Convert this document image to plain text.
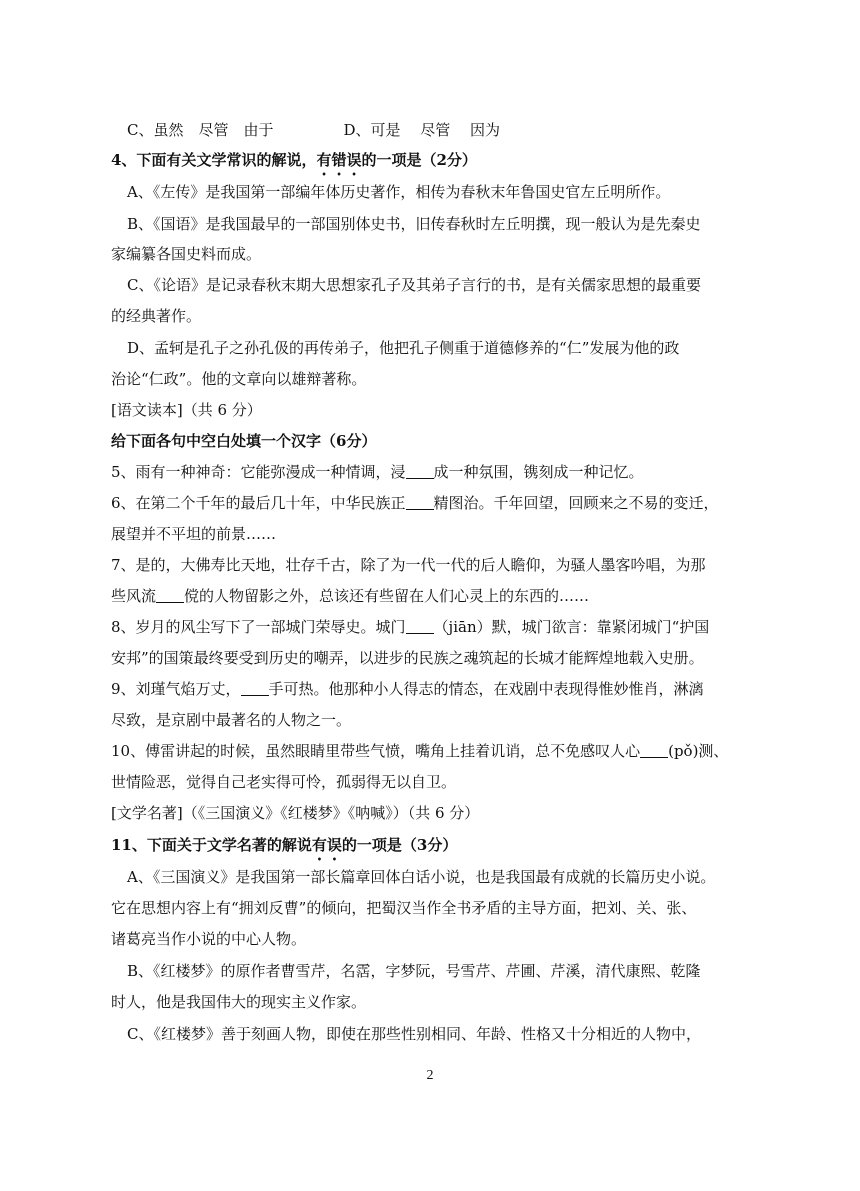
C、虽然　尽管　由于	D、可是　 尽管　 因为

4、下面有关文学常识的解说，有错误的一项是（2分）

A、《左传》是我国第一部编年体历史著作，相传为春秋末年鲁国史官左丘明所作。

B、《国语》是我国最早的一部国别体史书，旧传春秋时左丘明撰，现一般认为是先秦史

家编纂各国史料而成。

C、《论语》是记录春秋末期大思想家孔子及其弟子言行的书，是有关儒家思想的最重要

的经典著作。

D、孟轲是孔子之孙孔伋的再传弟子，他把孔子侧重于道德修养的“仁”发展为他的政

治论“仁政”。他的文章向以雄辩著称。

[语文读本]（共 6 分）

给下面各句中空白处填一个汉字（6分）

5、雨有一种神奇：它能弥漫成一种情调，浸 成一种氛围，镌刻成一种记忆。

6、在第二个千年的最后几十年，中华民族正 精图治。千年回望，回顾来之不易的变迁，

展望并不平坦的前景……

7、是的，大佛寿比天地，壮存千古，除了为一代一代的后人瞻仰，为骚人墨客吟唱，为那

些风流 傥的人物留影之外，总该还有些留在人们心灵上的东西的……

8、岁月的风尘写下了一部城门荣辱史。城门 （jiān）默，城门欲言：靠紧闭城门“护国

安邦”的国策最终要受到历史的嘲弄，以进步的民族之魂筑起的长城才能辉煌地载入史册。

9、刘瑾气焰万丈， 手可热。他那种小人得志的情态，在戏剧中表现得惟妙惟肖，淋漓

尽致，是京剧中最著名的人物之一。

10、傅雷讲起的时候，虽然眼睛里带些气愤，嘴角上挂着讥诮，总不免感叹人心 (pǒ)测、

世情险恶，觉得自己老实得可怜，孤弱得无以自卫。

[文学名著]（《三国演义》《红楼梦》《呐喊》）（共 6 分）

11、下面关于文学名著的解说有误的一项是（3分）

A、《三国演义》是我国第一部长篇章回体白话小说，也是我国最有成就的长篇历史小说。

它在思想内容上有“拥刘反曹”的倾向，把蜀汉当作全书矛盾的主导方面，把刘、关、张、

诸葛亮当作小说的中心人物。

B、《红楼梦》的原作者曹雪芹，名霑，字梦阮，号雪芹、芹圃、芹溪，清代康熙、乾隆

时人，他是我国伟大的现实主义作家。

C、《红楼梦》善于刻画人物，即使在那些性别相同、年龄、性格又十分相近的人物中，

2
